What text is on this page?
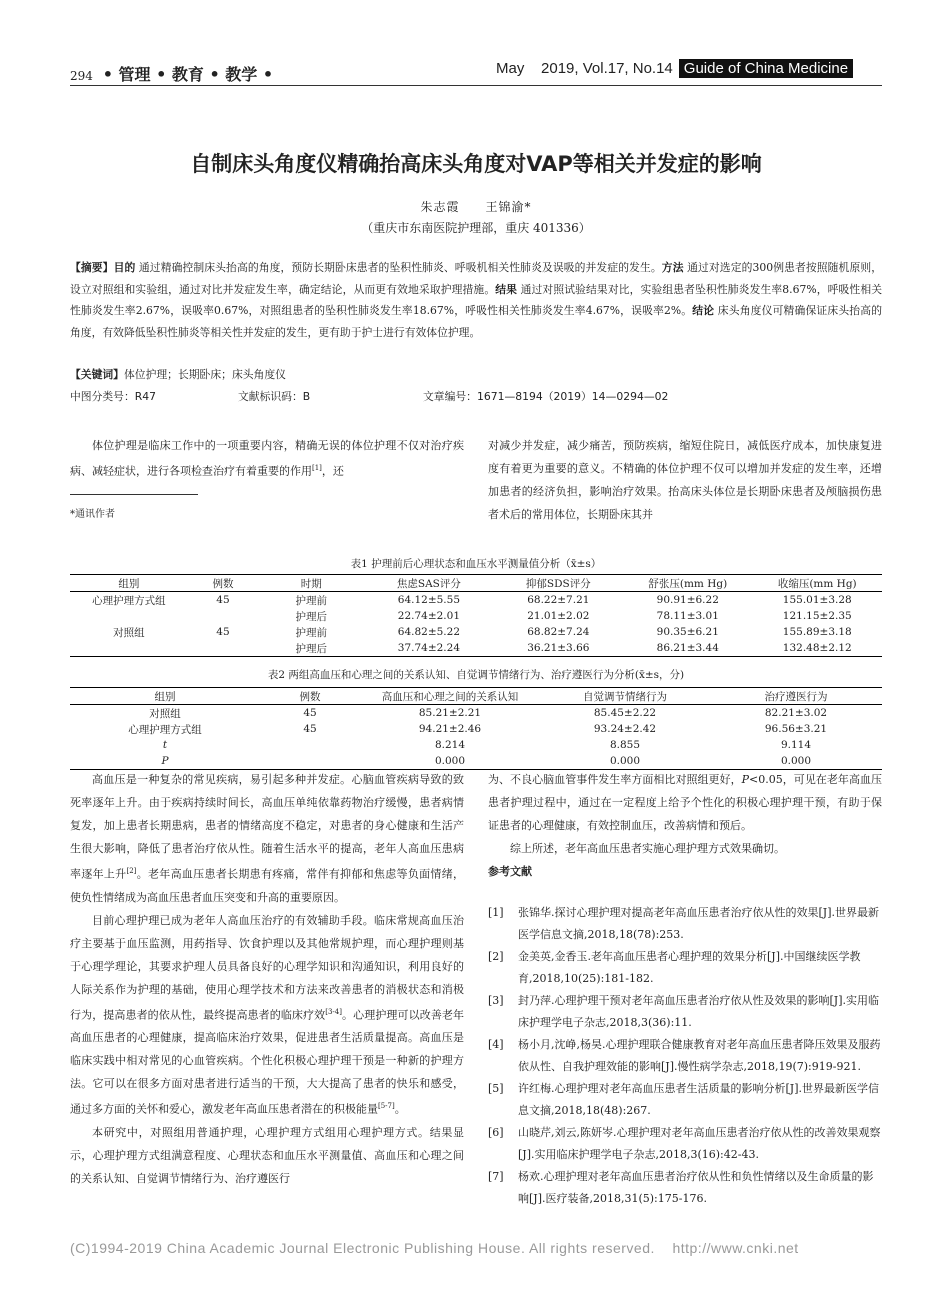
294 • 管理 • 教育 • 教学 •	May    2019, Vol.17, No.14 Guide of China Medicine
自制床头角度仪精确抬高床头角度对VAP等相关并发症的影响
朱志霞　　王锦渝*
（重庆市东南医院护理部，重庆 401336）
【摘要】目的 通过精确控制床头抬高的角度，预防长期卧床患者的坠积性肺炎、呼吸机相关性肺炎及误吸的并发症的发生。方法 通过对选定的300例患者按照随机原则，设立对照组和实验组，通过对比并发症发生率，确定结论，从而更有效地采取护理措施。结果 通过对照试验结果对比，实验组患者坠积性肺炎发生率8.67%，呼吸性相关性肺炎发生率2.67%，误吸率0.67%，对照组患者的坠积性肺炎发生率18.67%，呼吸性相关性肺炎发生率4.67%，误吸率2%。结论 床头角度仪可精确保证床头抬高的角度，有效降低坠积性肺炎等相关性并发症的发生，更有助于护士进行有效体位护理。
【关键词】体位护理；长期卧床；床头角度仪
中图分类号：R47	文献标识码：B	文章编号：1671—8194（2019）14—0294—02

体位护理是临床工作中的一项重要内容，精确无误的体位护理不仅对治疗疾病、减轻症状，进行各项检查治疗有着重要的作用[1]，还

*通讯作者

对减少并发症，减少痛苦，预防疾病，缩短住院日，减低医疗成本，加快康复进度有着更为重要的意义。不精确的体位护理不仅可以增加并发症的发生率，还增加患者的经济负担，影响治疗效果。抬高床头体位是长期卧床患者及颅脑损伤患者术后的常用体位，长期卧床其并

表1 护理前后心理状态和血压水平测量值分析（x̄±s）
组别	例数	时期	焦虑SAS评分	抑郁SDS评分	舒张压(mm Hg)	收缩压(mm Hg)
心理护理方式组	45	护理前	64.12±5.55	68.22±7.21	90.91±6.22	155.01±3.28
		护理后	22.74±2.01	21.01±2.02	78.11±3.01	121.15±2.35
对照组	45	护理前	64.82±5.22	68.82±7.24	90.35±6.21	155.89±3.18
		护理后	37.74±2.24	36.21±3.66	86.21±3.44	132.48±2.12
表2 两组高血压和心理之间的关系认知、自觉调节情绪行为、治疗遵医行为分析(x̄±s，分)
组别	例数	高血压和心理之间的关系认知	自觉调节情绪行为	治疗遵医行为
对照组	45	85.21±2.21	85.45±2.22	82.21±3.02
心理护理方式组	45	94.21±2.46	93.24±2.42	96.56±3.21
t		8.214	8.855	9.114
P		0.000	0.000	0.000

高血压是一种复杂的常见疾病，易引起多种并发症。心脑血管疾病导致的致死率逐年上升。由于疾病持续时间长，高血压单纯依靠药物治疗缓慢，患者病情复发，加上患者长期患病，患者的情绪高度不稳定，对患者的身心健康和生活产生很大影响，降低了患者治疗依从性。随着生活水平的提高，老年人高血压患病率逐年上升[2]。老年高血压患者长期患有疼痛，常伴有抑郁和焦虑等负面情绪，使负性情绪成为高血压患者血压突变和升高的重要原因。

目前心理护理已成为老年人高血压治疗的有效辅助手段。临床常规高血压治疗主要基于血压监测，用药指导、饮食护理以及其他常规护理，而心理护理则基于心理学理论，其要求护理人员具备良好的心理学知识和沟通知识，利用良好的人际关系作为护理的基础，使用心理学技术和方法来改善患者的消极状态和消极行为，提高患者的依从性，最终提高患者的临床疗效[3-4]。心理护理可以改善老年高血压患者的心理健康，提高临床治疗效果，促进患者生活质量提高。高血压是临床实践中相对常见的心血管疾病。个性化积极心理护理干预是一种新的护理方法。它可以在很多方面对患者进行适当的干预，大大提高了患者的快乐和感受，通过多方面的关怀和爱心，激发老年高血压患者潜在的积极能量[5-7]。

本研究中，对照组用普通护理，心理护理方式组用心理护理方式。结果显示，心理护理方式组满意程度、心理状态和血压水平测量值、高血压和心理之间的关系认知、自觉调节情绪行为、治疗遵医行

为、不良心脑血管事件发生率方面相比对照组更好，P<0.05，可见在老年高血压患者护理过程中，通过在一定程度上给予个性化的积极心理护理干预，有助于保证患者的心理健康，有效控制血压，改善病情和预后。

综上所述，老年高血压患者实施心理护理方式效果确切。

参考文献
[1]	张锦华.探讨心理护理对提高老年高血压患者治疗依从性的效果[J].世界最新医学信息文摘,2018,18(78):253.
[2]	金美英,金香玉.老年高血压患者心理护理的效果分析[J].中国继续医学教育,2018,10(25):181-182.
[3]	封乃萍.心理护理干预对老年高血压患者治疗依从性及效果的影响[J].实用临床护理学电子杂志,2018,3(36):11.
[4]	杨小月,沈峥,杨昊.心理护理联合健康教育对老年高血压患者降压效果及服药依从性、自我护理效能的影响[J].慢性病学杂志,2018,19(7):919-921.
[5]	许红梅.心理护理对老年高血压患者生活质量的影响分析[J].世界最新医学信息文摘,2018,18(48):267.
[6]	山晓芹,刘云,陈妍岑.心理护理对老年高血压患者治疗依从性的改善效果观察[J].实用临床护理学电子杂志,2018,3(16):42-43.
[7]	杨欢.心理护理对老年高血压患者治疗依从性和负性情绪以及生命质量的影响[J].医疗装备,2018,31(5):175-176.
(C)1994-2019 China Academic Journal Electronic Publishing House. All rights reserved.    http://www.cnki.net
